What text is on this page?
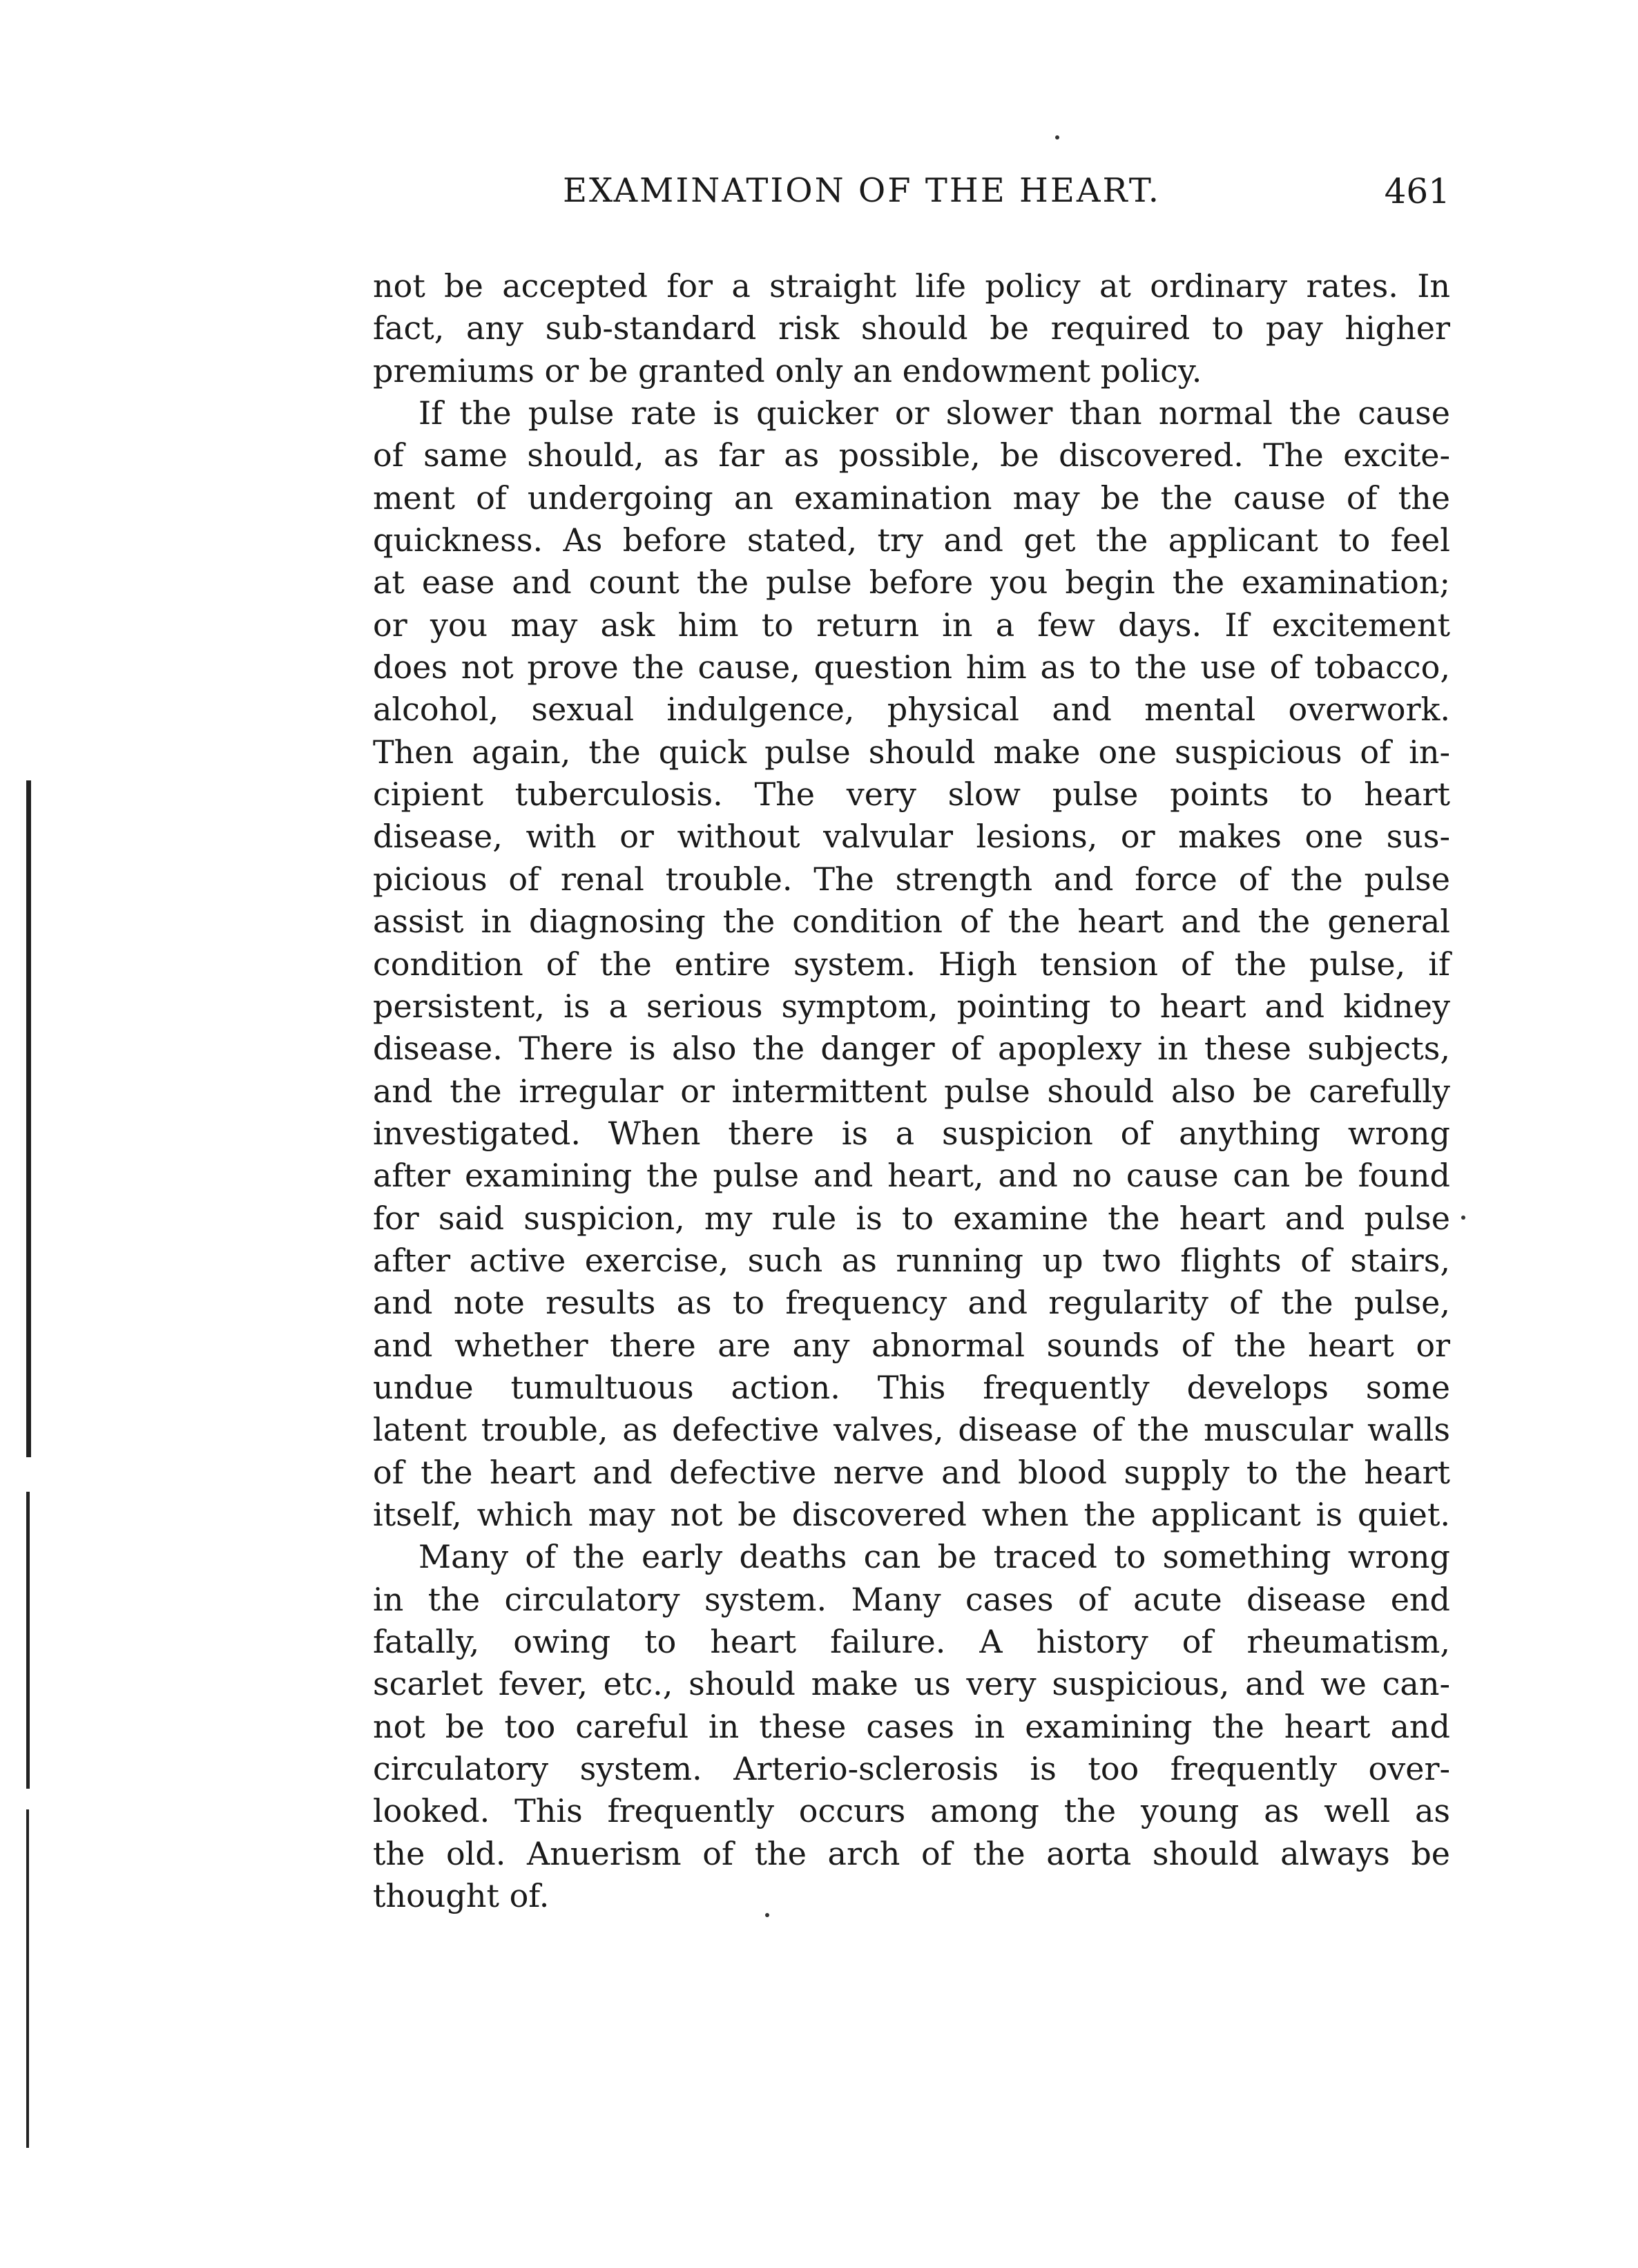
EXAMINATION OF THE HEART.	461
not be accepted for a straight life policy at ordinary rates. In
fact, any sub-standard risk should be required to pay higher
premiums or be granted only an endowment policy.
If the pulse rate is quicker or slower than normal the cause
of same should, as far as possible, be discovered. The excite-
ment of undergoing an examination may be the cause of the
quickness. As before stated, try and get the applicant to feel
at ease and count the pulse before you begin the examination;
or you may ask him to return in a few days. If excitement
does not prove the cause, question him as to the use of tobacco,
alcohol, sexual indulgence, physical and mental overwork.
Then again, the quick pulse should make one suspicious of in-
cipient tuberculosis. The very slow pulse points to heart
disease, with or without valvular lesions, or makes one sus-
picious of renal trouble. The strength and force of the pulse
assist in diagnosing the condition of the heart and the general
condition of the entire system. High tension of the pulse, if
persistent, is a serious symptom, pointing to heart and kidney
disease. There is also the danger of apoplexy in these subjects,
and the irregular or intermittent pulse should also be carefully
investigated. When there is a suspicion of anything wrong
after examining the pulse and heart, and no cause can be found
for said suspicion, my rule is to examine the heart and pulse
after active exercise, such as running up two flights of stairs,
and note results as to frequency and regularity of the pulse,
and whether there are any abnormal sounds of the heart or
undue tumultuous action. This frequently develops some
latent trouble, as defective valves, disease of the muscular walls
of the heart and defective nerve and blood supply to the heart
itself, which may not be discovered when the applicant is quiet.
Many of the early deaths can be traced to something wrong
in the circulatory system. Many cases of acute disease end
fatally, owing to heart failure. A history of rheumatism,
scarlet fever, etc., should make us very suspicious, and we can-
not be too careful in these cases in examining the heart and
circulatory system. Arterio-sclerosis is too frequently over-
looked. This frequently occurs among the young as well as
the old. Anuerism of the arch of the aorta should always be
thought of.
